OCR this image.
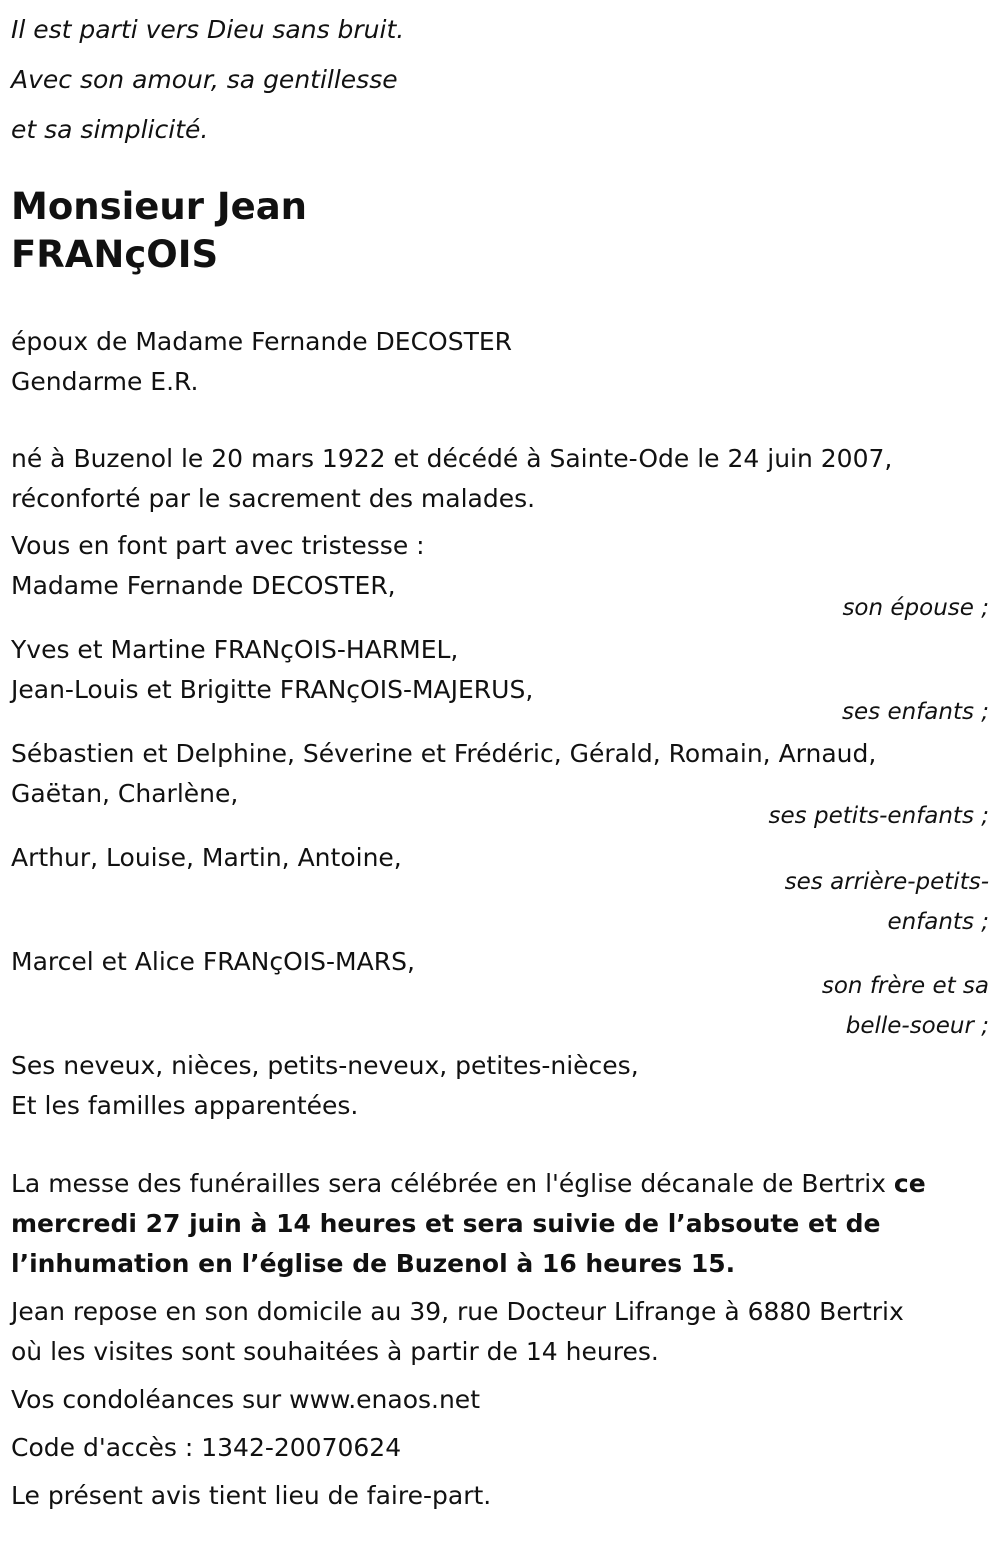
Il est parti vers Dieu sans bruit.
Avec son amour, sa gentillesse
et sa simplicité.
Monsieur Jean
FRANçOIS
époux de Madame Fernande DECOSTER
Gendarme E.R.
né à Buzenol le 20 mars 1922 et décédé à Sainte-Ode le 24 juin 2007,
réconforté par le sacrement des malades.
Vous en font part avec tristesse :
Madame Fernande DECOSTER,
son épouse ;
Yves et Martine FRANçOIS-HARMEL,
Jean-Louis et Brigitte FRANçOIS-MAJERUS,
ses enfants ;
Sébastien et Delphine, Séverine et Frédéric, Gérald, Romain, Arnaud,
Gaëtan, Charlène,
ses petits-enfants ;
Arthur, Louise, Martin, Antoine,
ses arrière-petits-
enfants ;
Marcel et Alice FRANçOIS-MARS,
son frère et sa
belle-soeur ;
Ses neveux, nièces, petits-neveux, petites-nièces,
Et les familles apparentées.
La messe des funérailles sera célébrée en l'église décanale de Bertrix ce
mercredi 27 juin à 14 heures et sera suivie de l’absoute et de
l’inhumation en l’église de Buzenol à 16 heures 15.
Jean repose en son domicile au 39, rue Docteur Lifrange à 6880 Bertrix
où les visites sont souhaitées à partir de 14 heures.
Vos condoléances sur www.enaos.net
Code d'accès : 1342-20070624
Le présent avis tient lieu de faire-part.
